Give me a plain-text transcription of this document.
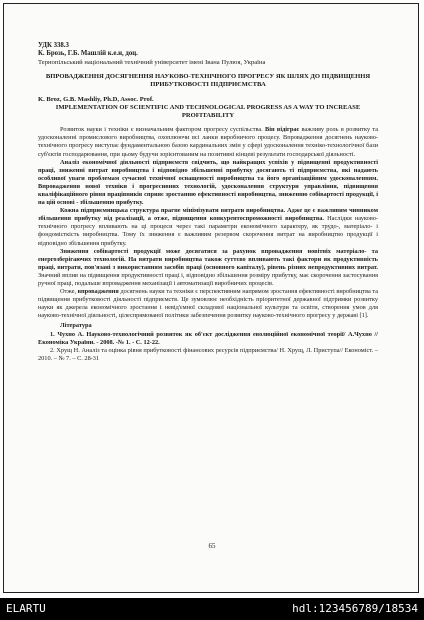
УДК 338.3
К. Брозь, Г.Б. Машлій к.е.н, доц.
Тернопільський національний технічний університет імені Івана Пулюя, Україна
ВПРОВАДЖЕННЯ ДОСЯГНЕННЯ НАУКОВО-ТЕХНІЧНОГО ПРОГРЕСУ ЯК ШЛЯХ ДО ПІДВИЩЕННЯ ПРИБУТКОВОСТІ ПІДПРИЄМСТВА
K. Broz, G.B. Mashliy, Ph.D, Assoc. Prof.
IMPLEMENTATION OF SCIENTIFIC AND TECHNOLOGICAL PROGRESS AS A WAY TO INCREASE PROFITABILITY

Розвиток науки і техніки є визначальним фактором прогресу суспільства. Він відіграє важливу роль в розвитку та удосконаленні промислового виробництва, охоплюючи всі ланки виробничого процесу. Впровадження досягнень науково-технічного прогресу виступає фундаментальною базою кардинальних змін у сфері удосконалення техніко-технологічної бази суб'єктів господарювання, при цьому будучи зорієнтованим на позитивні кінцеві результати господарської діяльності.

Аналіз економічної діяльності підприємств свідчить, що найкращих успіхів у підвищенні продуктивності праці, зниженні витрат виробництва і відповідно збільшенні прибутку досягають ті підприємства, які надають особливої уваги проблемам сучасної технічної оснащеності виробництва та його організаційним удосконаленням. Впровадження нової техніки і прогресивних технологій, удосконалення структури управління, підвищення кваліфікаційного рівня працівників сприяє зростанню ефективності виробництва, зниженню собівартості продукції, і на цій основі - збільшенню прибутку.

Кожна підприємницька структура прагне мінімізувати витрати виробництва. Адже це є важливим чинником збільшення прибутку від реалізації, а отже, підвищення конкурентоспроможності виробництва. Наслідки науково-технічного прогресу впливають на ці процеси через такі параметри економічного характеру, як трудо-, матеріало- і фондомісткість виробництва. Тому їх зниження є важливим резервом скорочення витрат на виробництво продукції і відповідно збільшення прибутку.

Зниження собівартості продукції може досягатися за рахунок впровадження новітніх матеріало- та енергозберігаючих технологій. На витрати виробництва також суттєво впливають такі фактори як продуктивність праці, витрати, пов'язані з використанням засобів праці (основного капіталу), рівень різних непродуктивних витрат. Значний вплив на підвищення продуктивності праці і, відповідно збільшення розміру прибутку, має скорочення застосування ручної праці, подальше впровадження механізації і автоматизації виробничих процесів.

Отже, впровадження досягнень науки та техніки є перспективним напрямом зростання ефективності виробництва та підвищення прибутковості діяльності підприємств. Це зумовлює необхідність пріоритетної державної підтримки розвитку науки як джерела економічного зростання і невід'ємної складової національної культури та освіти, створення умов для науково-технічної діяльності, цілеспрямованої політики забезпечення розвитку науково-технічного прогресу у державі [1].

Література

1. Чухно А. Науково-технологічний розвиток як об'єкт дослідження еволюційної економічної теорії/ А.Чухно // Економіка України. - 2008. -№ 1. - С. 12-22.

2. Хрущ Н. Аналіз та оцінка рівня прибутковості фінансових ресурсів підприємства/ Н. Хрущ, Л. Приступа// Економіст. – 2010. – № 7. – С. 28-31

65
ELARTU	hdl:123456789/18534
